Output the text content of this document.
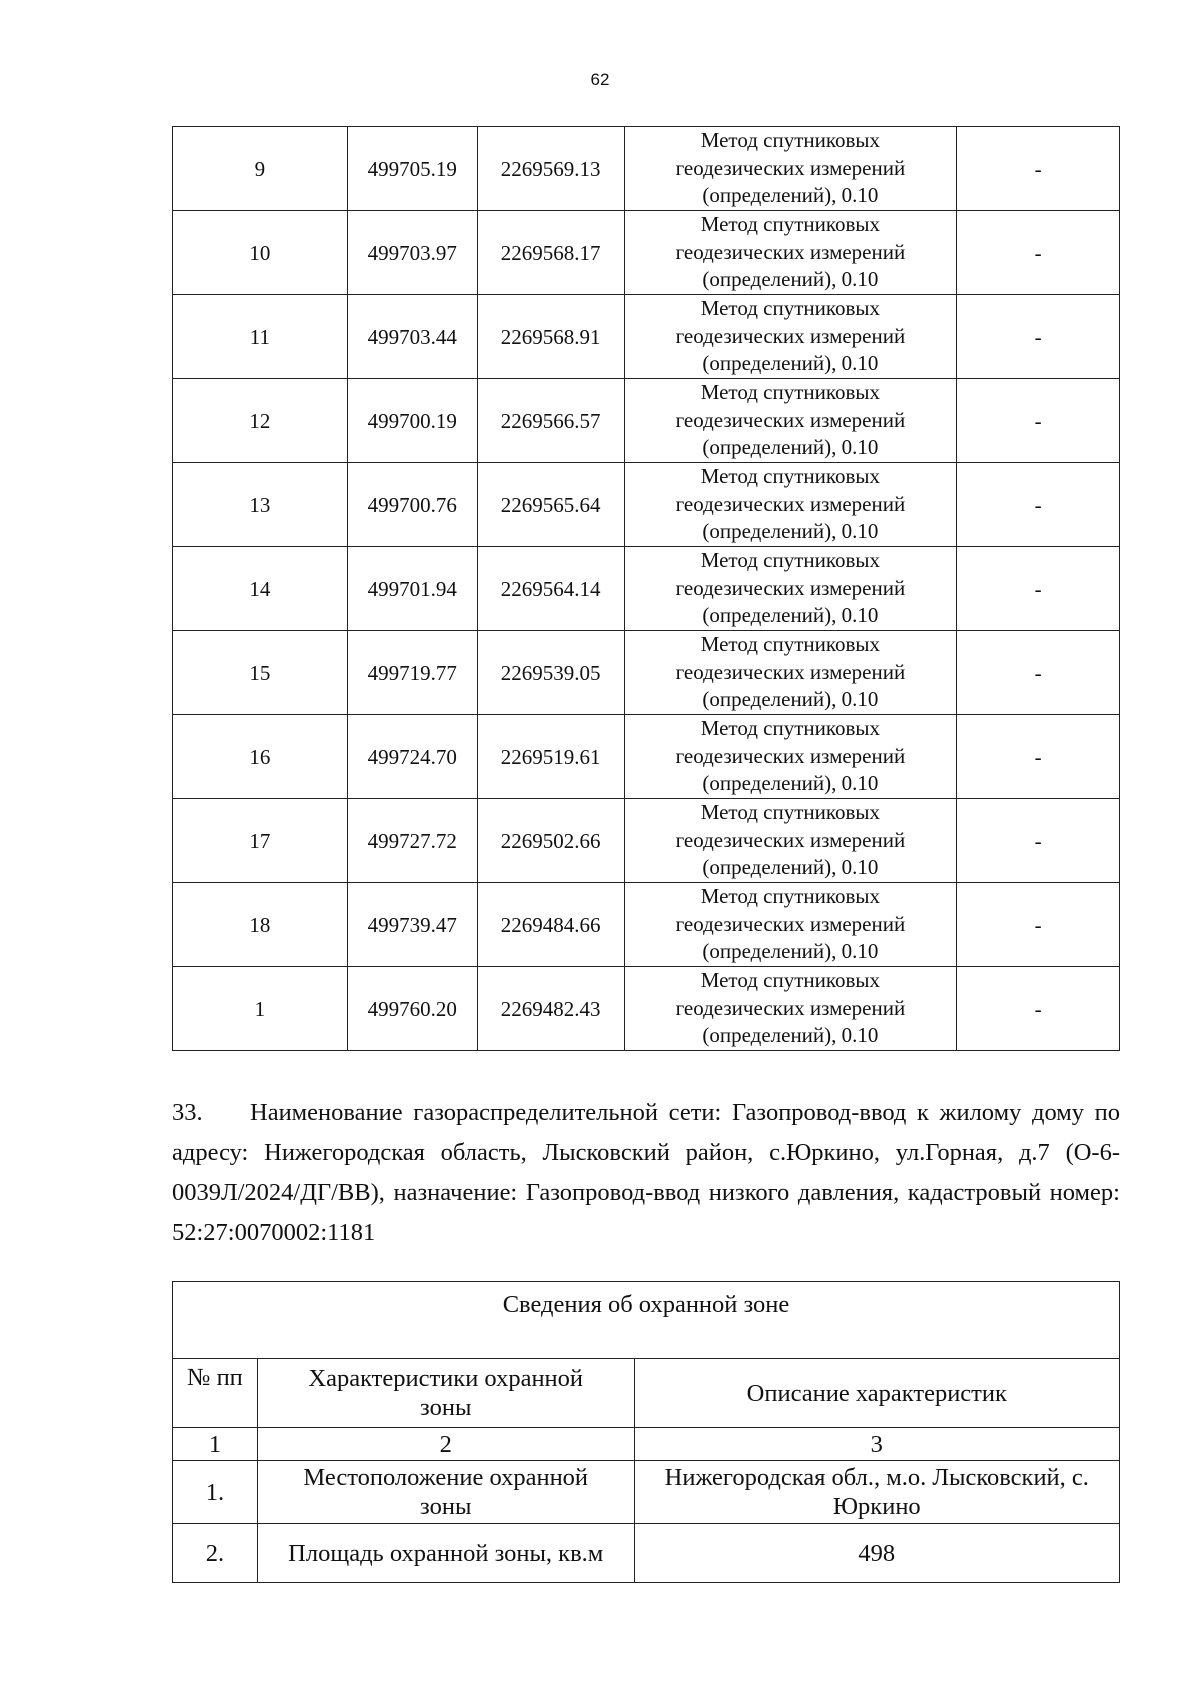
62
9	499705.19	2269569.13	Метод спутниковых
геодезических измерений
(определений), 0.10	-
10	499703.97	2269568.17	Метод спутниковых
геодезических измерений
(определений), 0.10	-
11	499703.44	2269568.91	Метод спутниковых
геодезических измерений
(определений), 0.10	-
12	499700.19	2269566.57	Метод спутниковых
геодезических измерений
(определений), 0.10	-
13	499700.76	2269565.64	Метод спутниковых
геодезических измерений
(определений), 0.10	-
14	499701.94	2269564.14	Метод спутниковых
геодезических измерений
(определений), 0.10	-
15	499719.77	2269539.05	Метод спутниковых
геодезических измерений
(определений), 0.10	-
16	499724.70	2269519.61	Метод спутниковых
геодезических измерений
(определений), 0.10	-
17	499727.72	2269502.66	Метод спутниковых
геодезических измерений
(определений), 0.10	-
18	499739.47	2269484.66	Метод спутниковых
геодезических измерений
(определений), 0.10	-
1	499760.20	2269482.43	Метод спутниковых
геодезических измерений
(определений), 0.10	-
33. Наименование газораспределительной сети: Газопровод-ввод к жилому дому по адресу: Нижегородская область, Лысковский район, с.Юркино, ул.Горная, д.7 (О-6-0039Л/2024/ДГ/ВВ), назначение: Газопровод-ввод низкого давления, кадастровый номер: 52:27:0070002:1181
Сведения об охранной зоне		
№ пп	Характеристики охранной зоны	Описание характеристик
1	2	3
1.	Местоположение охранной зоны	Нижегородская обл., м.о. Лысковский, с. Юркино
2.	Площадь охранной зоны, кв.м	498
